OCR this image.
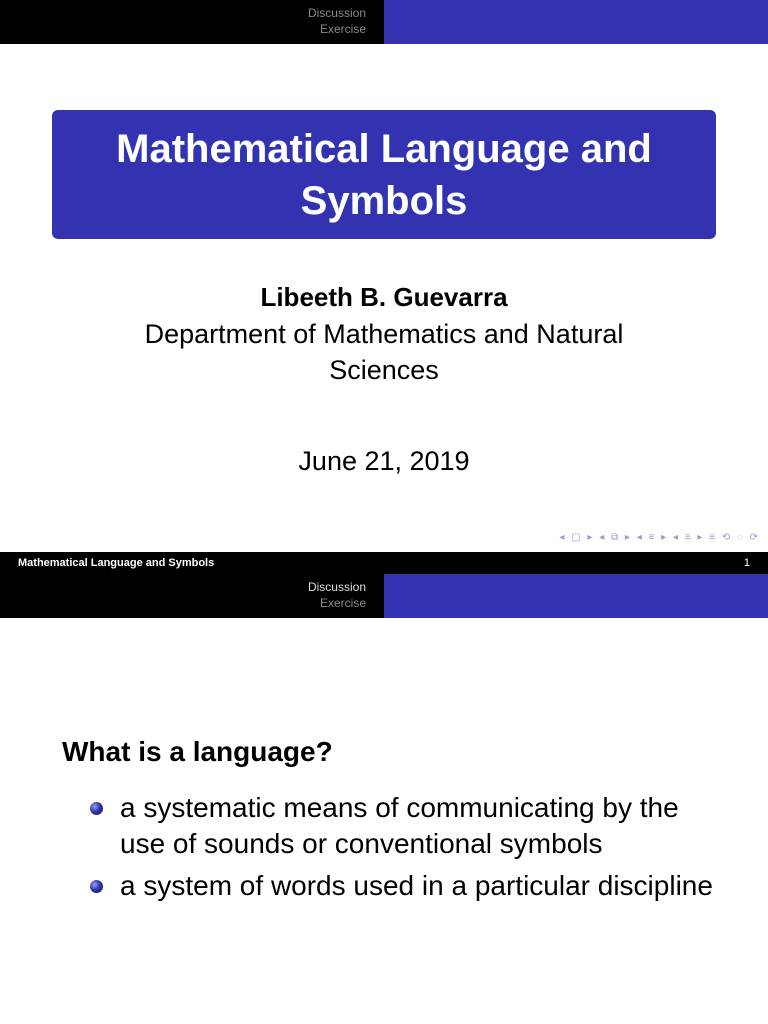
Discussion
Exercise
Mathematical Language and Symbols
Libeeth B. Guevarra
Department of Mathematics and Natural
Sciences
June 21, 2019
◂ ▢ ▸ ◂ ⧉ ▸ ◂ ≡ ▸ ◂ ≡ ▸ ≡ ⟲ ◌ ⟳
Mathematical Language and Symbols	1
Discussion
Exercise
What is a language?
a systematic means of communicating by the use of sounds or conventional symbols
a system of words used in a particular discipline
